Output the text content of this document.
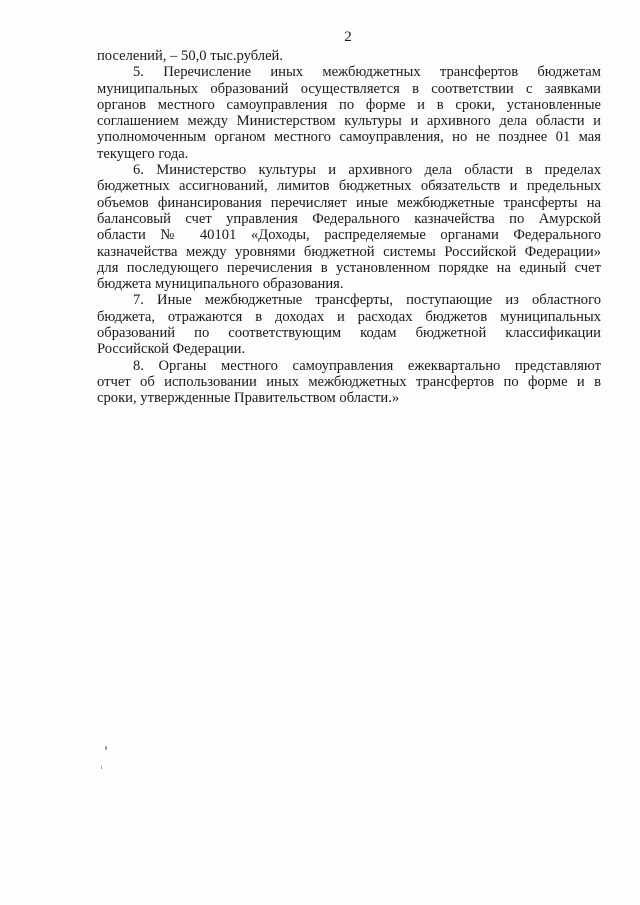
2
поселений, – 50,0 тыс.рублей.
5. Перечисление иных межбюджетных трансфертов бюджетам
муниципальных образований осуществляется в соответствии с заявками
органов местного самоуправления по форме и в сроки, установленные
соглашением между Министерством культуры и архивного дела области и
уполномоченным органом местного самоуправления, но не позднее 01 мая
текущего года.
6. Министерство культуры и архивного дела области в пределах
бюджетных ассигнований, лимитов бюджетных обязательств и предельных
объемов финансирования перечисляет иные межбюджетные трансферты на
балансовый счет управления Федерального казначейства по Амурской
области № 40101 «Доходы, распределяемые органами Федерального
казначейства между уровнями бюджетной системы Российской Федерации»
для последующего перечисления в установленном порядке на единый счет
бюджета муниципального образования.
7. Иные межбюджетные трансферты, поступающие из областного
бюджета, отражаются в доходах и расходах бюджетов муниципальных
образований по соответствующим кодам бюджетной классификации
Российской Федерации.
8. Органы местного самоуправления ежеквартально представляют
отчет об использовании иных межбюджетных трансфертов по форме и в
сроки, утвержденные Правительством области.»
